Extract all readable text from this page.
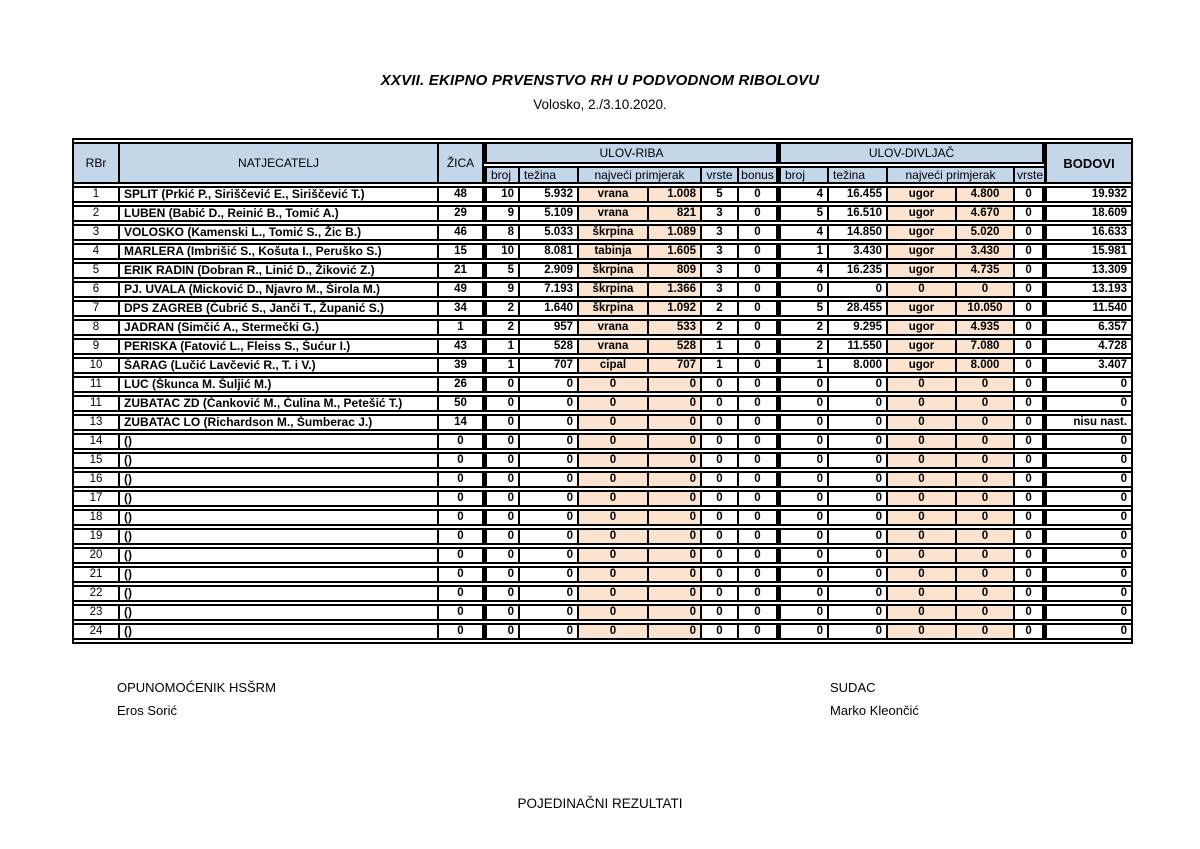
XXVII. EKIPNO PRVENSTVO RH U PODVODNOM RIBOLOVU
Volosko, 2./3.10.2020.
RBr	NATJECATELJ	ŽICA	ULOV-RIBA						ULOV-DIVLJAČ					BODOVI
			broj	težina	najveći primjerak		vrste	bonus	broj	težina	najveći primjerak		vrste	
1	SPLIT (Prkić P., Siriščević E., Siriščević T.)	48	10	5.932	vrana	1.008	5	0	4	16.455	ugor	4.800	0	19.932
2	LUBEN (Babić D., Reinić B., Tomić A.)	29	9	5.109	vrana	821	3	0	5	16.510	ugor	4.670	0	18.609
3	VOLOSKO (Kamenski L., Tomić S., Žic B.)	46	8	5.033	škrpina	1.089	3	0	4	14.850	ugor	5.020	0	16.633
4	MARLERA (Imbrišić S., Košuta I., Peruško S.)	15	10	8.081	tabinja	1.605	3	0	1	3.430	ugor	3.430	0	15.981
5	ERIK RADIN (Dobran R., Linić D., Žiković Z.)	21	5	2.909	škrpina	809	3	0	4	16.235	ugor	4.735	0	13.309
6	PJ. UVALA (Micković D., Njavro M., Širola M.)	49	9	7.193	škrpina	1.366	3	0	0	0	0	0	0	13.193
7	DPS ZAGREB (Čubrić S., Janči T., Županić S.)	34	2	1.640	škrpina	1.092	2	0	5	28.455	ugor	10.050	0	11.540
8	JADRAN (Simčić A., Stermečki G.)	1	2	957	vrana	533	2	0	2	9.295	ugor	4.935	0	6.357
9	PERISKA (Fatović L., Fleiss S., Šućur I.)	43	1	528	vrana	528	1	0	2	11.550	ugor	7.080	0	4.728
10	ŠARAG (Lučić Lavčević R., T. i V.)	39	1	707	cipal	707	1	0	1	8.000	ugor	8.000	0	3.407
11	LUC (Škunca M. Šuljić M.)	26	0	0	0	0	0	0	0	0	0	0	0	0
11	ZUBATAC ZD (Čanković M., Čulina M., Petešić T.)	50	0	0	0	0	0	0	0	0	0	0	0	0
13	ZUBATAC LO (Richardson M., Šumberac J.)	14	0	0	0	0	0	0	0	0	0	0	0	nisu nast.
14	()	0	0	0	0	0	0	0	0	0	0	0	0	0
15	()	0	0	0	0	0	0	0	0	0	0	0	0	0
16	()	0	0	0	0	0	0	0	0	0	0	0	0	0
17	()	0	0	0	0	0	0	0	0	0	0	0	0	0
18	()	0	0	0	0	0	0	0	0	0	0	0	0	0
19	()	0	0	0	0	0	0	0	0	0	0	0	0	0
20	()	0	0	0	0	0	0	0	0	0	0	0	0	0
21	()	0	0	0	0	0	0	0	0	0	0	0	0	0
22	()	0	0	0	0	0	0	0	0	0	0	0	0	0
23	()	0	0	0	0	0	0	0	0	0	0	0	0	0
24	()	0	0	0	0	0	0	0	0	0	0	0	0	0
OPUNOMOĆENIK HSŠRM
Eros Sorić
SUDAC
Marko Kleončić
POJEDINAČNI REZULTATI
